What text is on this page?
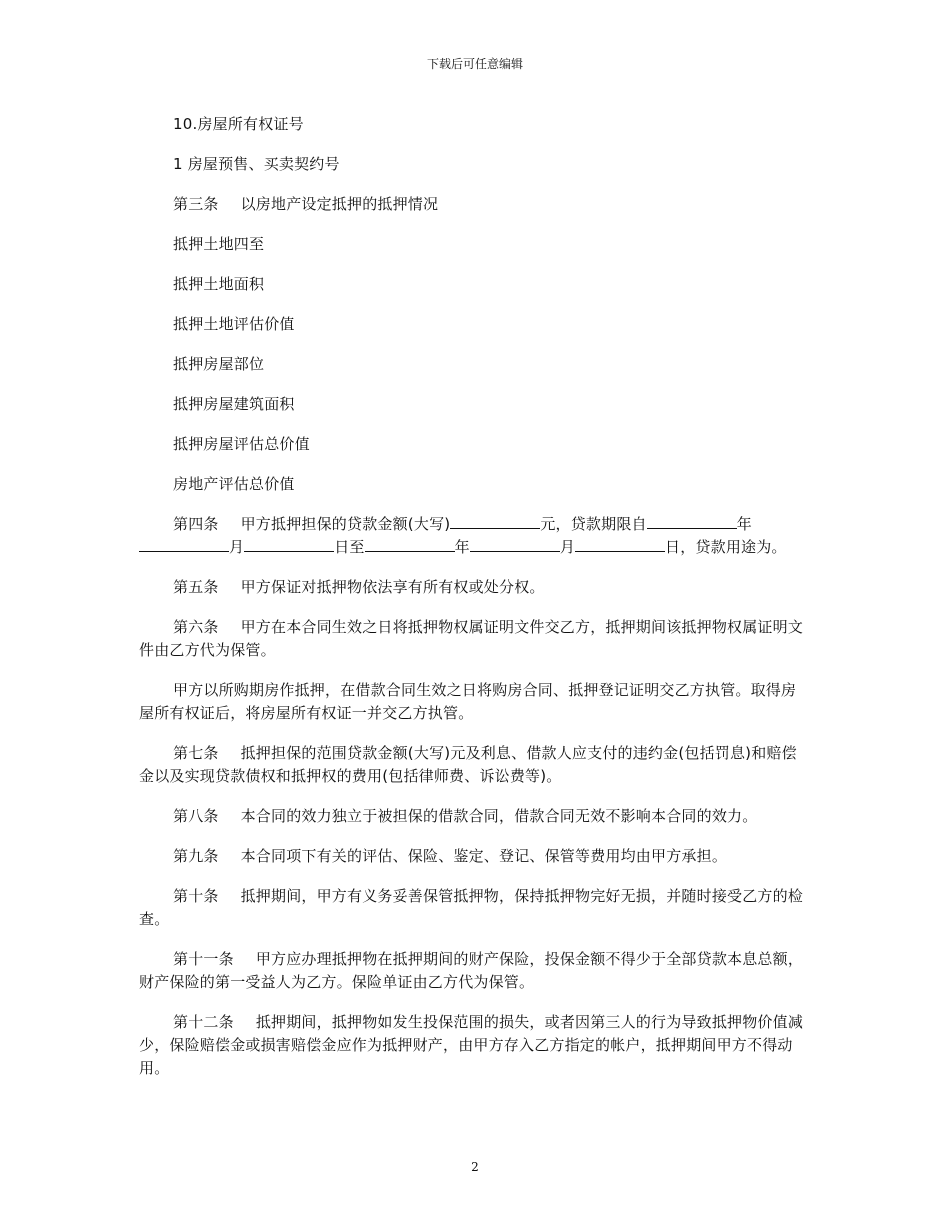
下载后可任意编辑

10.房屋所有权证号

1 房屋预售、买卖契约号

第三条 以房地产设定抵押的抵押情况

抵押土地四至

抵押土地面积

抵押土地评估价值

抵押房屋部位

抵押房屋建筑面积

抵押房屋评估总价值

房地产评估总价值

第四条 甲方抵押担保的贷款金额(大写)	元，贷款期限自	年月	日至	年	月	日，贷款用途为。

第五条 甲方保证对抵押物依法享有所有权或处分权。

第六条 甲方在本合同生效之日将抵押物权属证明文件交乙方，抵押期间该抵押物权属证明文件由乙方代为保管。

甲方以所购期房作抵押，在借款合同生效之日将购房合同、抵押登记证明交乙方执管。取得房屋所有权证后，将房屋所有权证一并交乙方执管。

第七条 抵押担保的范围贷款金额(大写)元及利息、借款人应支付的违约金(包括罚息)和赔偿金以及实现贷款债权和抵押权的费用(包括律师费、诉讼费等)。

第八条 本合同的效力独立于被担保的借款合同，借款合同无效不影响本合同的效力。

第九条 本合同项下有关的评估、保险、鉴定、登记、保管等费用均由甲方承担。

第十条 抵押期间，甲方有义务妥善保管抵押物，保持抵押物完好无损，并随时接受乙方的检查。

第十一条 甲方应办理抵押物在抵押期间的财产保险，投保金额不得少于全部贷款本息总额，财产保险的第一受益人为乙方。保险单证由乙方代为保管。

第十二条 抵押期间，抵押物如发生投保范围的损失，或者因第三人的行为导致抵押物价值减少，保险赔偿金或损害赔偿金应作为抵押财产，由甲方存入乙方指定的帐户，抵押期间甲方不得动用。

2
